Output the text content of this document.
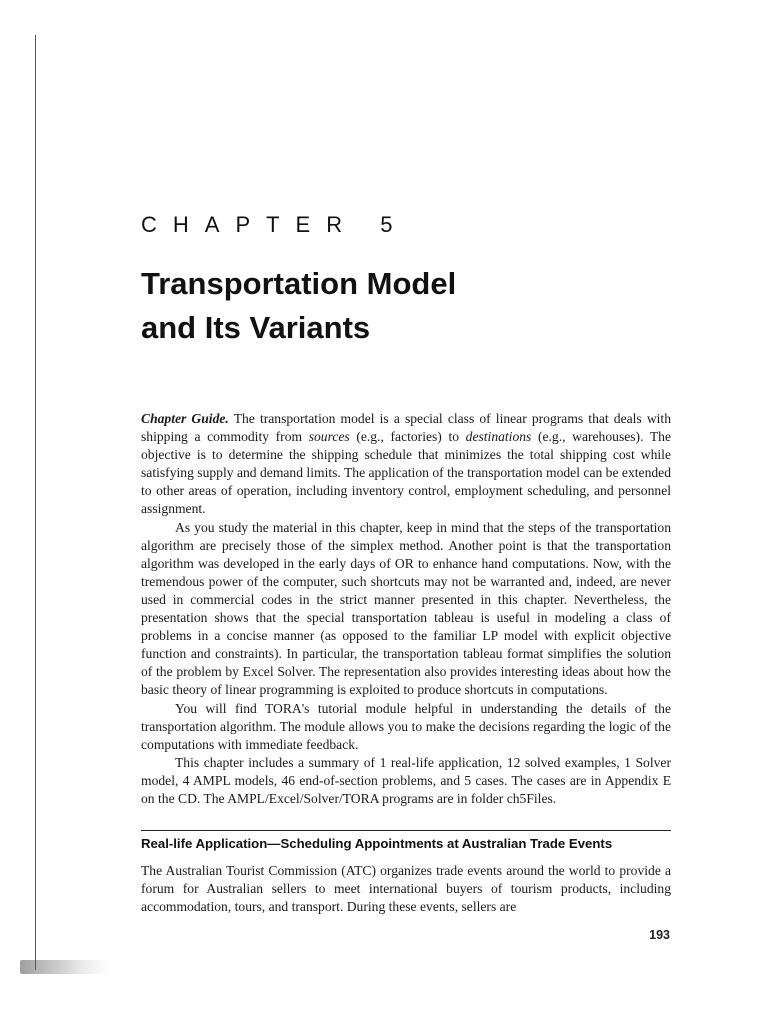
CHAPTER 5
Transportation Model
and Its Variants

Chapter Guide. The transportation model is a special class of linear programs that deals with shipping a commodity from sources (e.g., factories) to destinations (e.g., warehouses). The objective is to determine the shipping schedule that minimizes the total shipping cost while satisfying supply and demand limits. The application of the transportation model can be extended to other areas of operation, including inventory control, employment scheduling, and personnel assignment.

As you study the material in this chapter, keep in mind that the steps of the transportation algorithm are precisely those of the simplex method. Another point is that the transportation algorithm was developed in the early days of OR to enhance hand computations. Now, with the tremendous power of the computer, such shortcuts may not be warranted and, indeed, are never used in commercial codes in the strict manner presented in this chapter. Nevertheless, the presentation shows that the special transportation tableau is useful in modeling a class of problems in a concise manner (as opposed to the familiar LP model with explicit objective function and constraints). In particular, the transportation tableau format simplifies the solution of the problem by Excel Solver. The representation also provides interesting ideas about how the basic theory of linear programming is exploited to produce shortcuts in computations.

You will find TORA's tutorial module helpful in understanding the details of the transportation algorithm. The module allows you to make the decisions regarding the logic of the computations with immediate feedback.

This chapter includes a summary of 1 real-life application, 12 solved examples, 1 Solver model, 4 AMPL models, 46 end-of-section problems, and 5 cases. The cases are in Appendix E on the CD. The AMPL/Excel/Solver/TORA programs are in folder ch5Files.

Real-life Application—Scheduling Appointments at Australian Trade Events

The Australian Tourist Commission (ATC) organizes trade events around the world to provide a forum for Australian sellers to meet international buyers of tourism products, including accommodation, tours, and transport. During these events, sellers are

193
